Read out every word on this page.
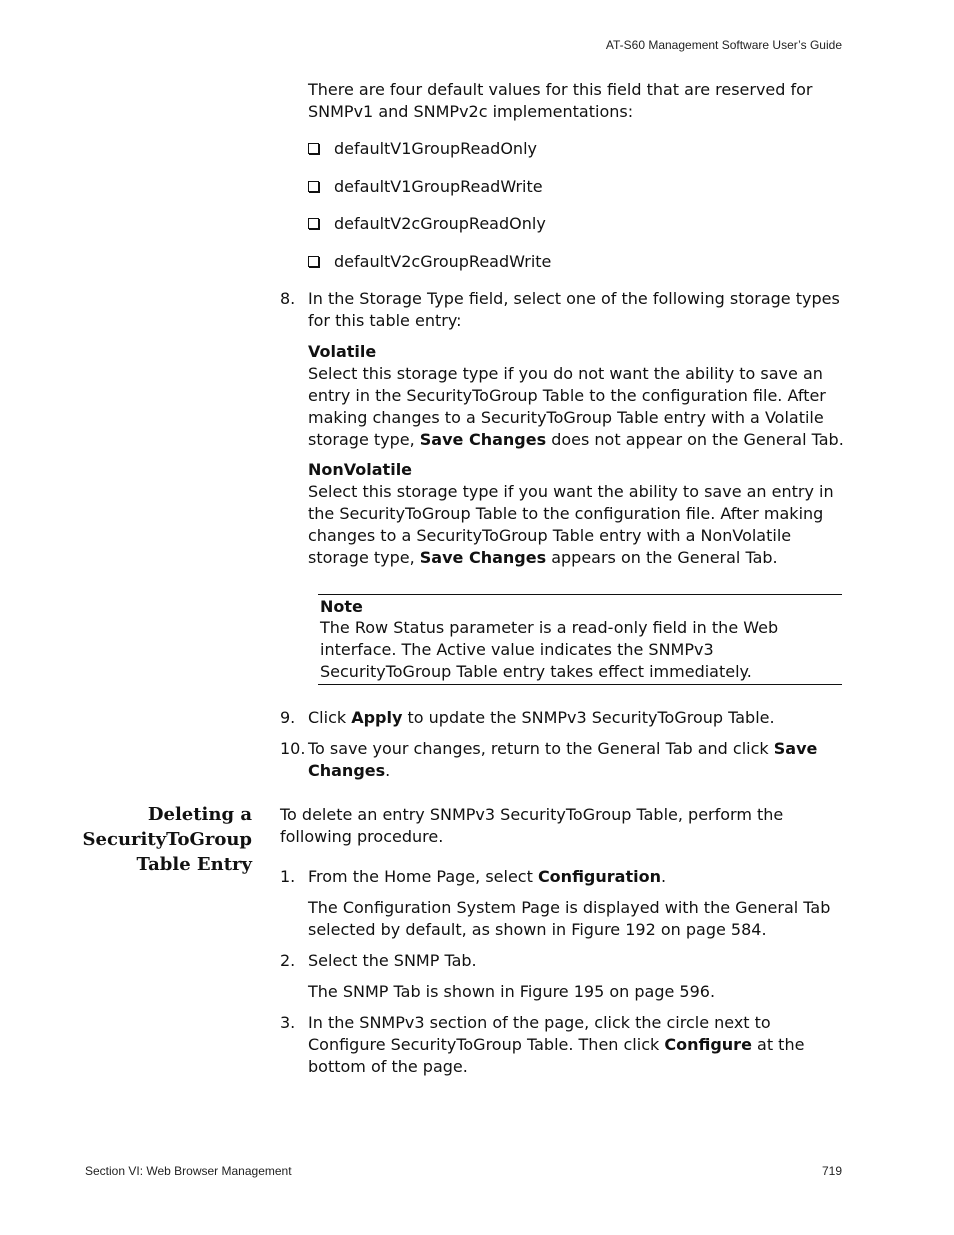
AT-S60 Management Software User’s Guide

There are four default values for this field that are reserved for SNMPv1 and SNMPv2c implementations:

defaultV1GroupReadOnly
defaultV1GroupReadWrite
defaultV2cGroupReadOnly
defaultV2cGroupReadWrite
8. In the Storage Type field, select one of the following storage types for this table entry:

Volatile

Select this storage type if you do not want the ability to save an entry in the SecurityToGroup Table to the configuration file. After making changes to a SecurityToGroup Table entry with a Volatile storage type, Save Changes does not appear on the General Tab.

NonVolatile

Select this storage type if you want the ability to save an entry in the SecurityToGroup Table to the configuration file. After making changes to a SecurityToGroup Table entry with a NonVolatile storage type, Save Changes appears on the General Tab.

Note

The Row Status parameter is a read-only field in the Web interface. The Active value indicates the SNMPv3 SecurityToGroup Table entry takes effect immediately.

9. Click Apply to update the SNMPv3 SecurityToGroup Table.

10. To save your changes, return to the General Tab and click Save Changes.

Deleting a
SecurityToGroup
Table Entry

To delete an entry SNMPv3 SecurityToGroup Table, perform the following procedure.

1. From the Home Page, select Configuration.

The Configuration System Page is displayed with the General Tab selected by default, as shown in Figure 192 on page 584.

2. Select the SNMP Tab.

The SNMP Tab is shown in Figure 195 on page 596.

3. In the SNMPv3 section of the page, click the circle next to Configure SecurityToGroup Table. Then click Configure at the bottom of the page.

Section VI: Web Browser Management	719
